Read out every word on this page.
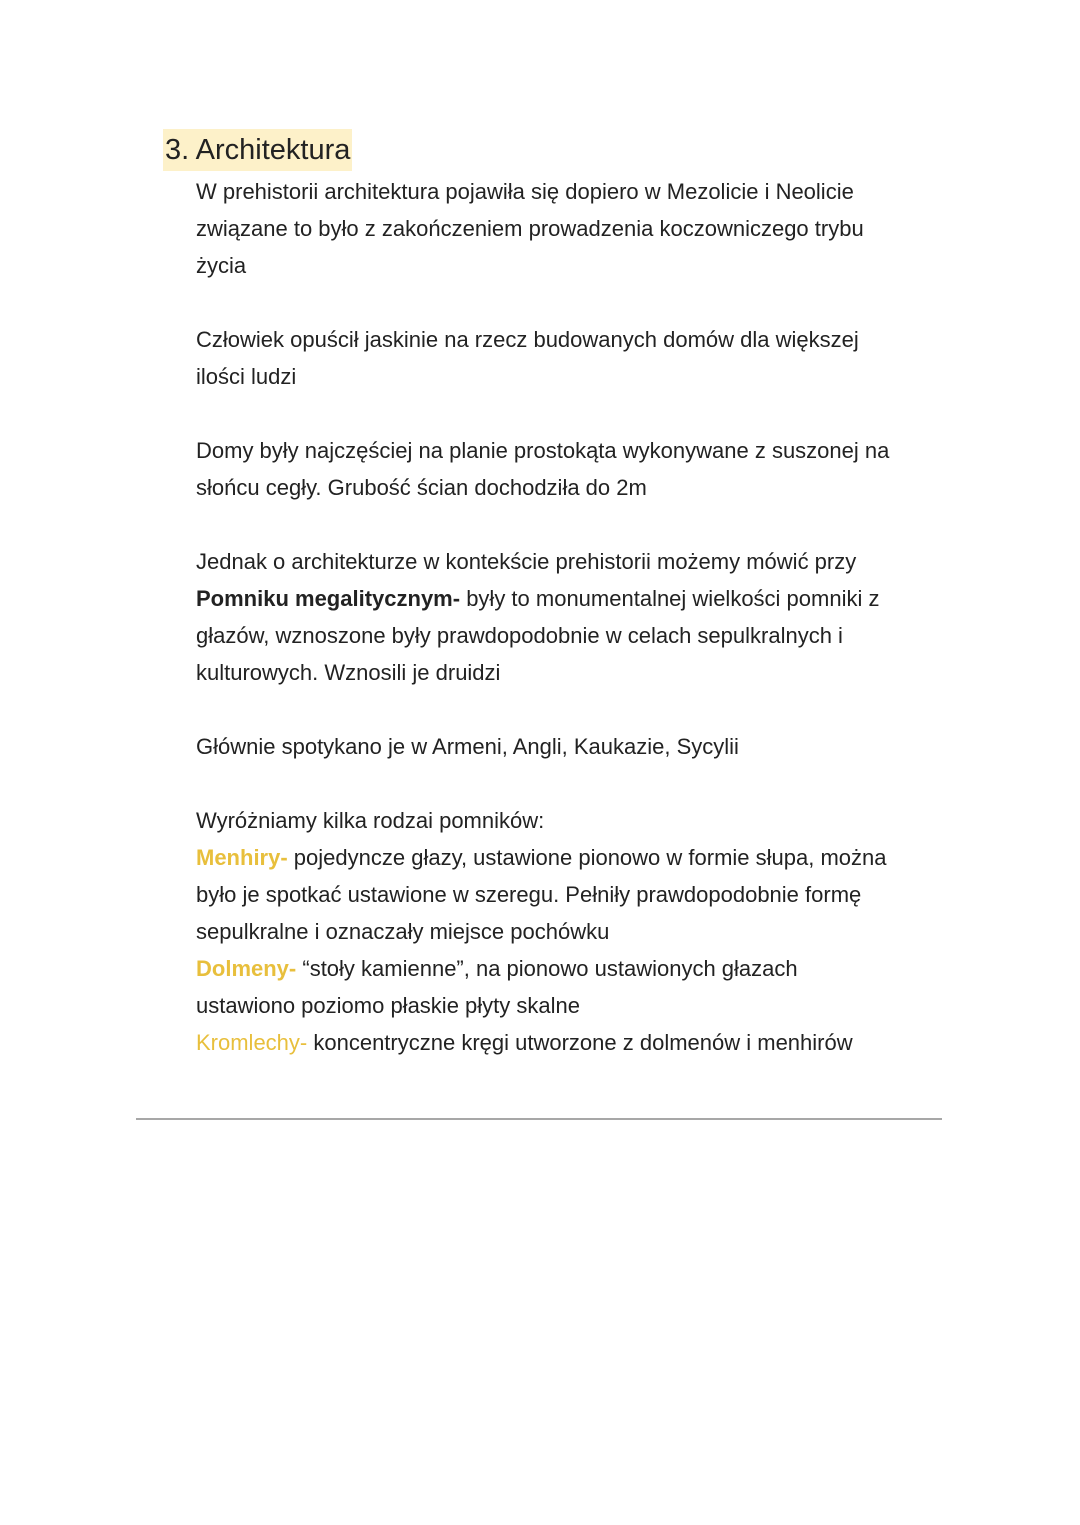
3. Architektura
W prehistorii architektura pojawiła się dopiero w Mezolicie i Neolicie
związane to było z zakończeniem prowadzenia koczowniczego trybu
życia
Człowiek opuścił jaskinie na rzecz budowanych domów dla większej
ilości ludzi
Domy były najczęściej na planie prostokąta wykonywane z suszonej na
słońcu cegły. Grubość ścian dochodziła do 2m
Jednak o architekturze w kontekście prehistorii możemy mówić przy
Pomniku megalitycznym- były to monumentalnej wielkości pomniki z
głazów, wznoszone były prawdopodobnie w celach sepulkralnych i
kulturowych. Wznosili je druidzi
Głównie spotykano je w Armeni, Angli, Kaukazie, Sycylii
Wyróżniamy kilka rodzai pomników:
Menhiry- pojedyncze głazy, ustawione pionowo w formie słupa, można
było je spotkać ustawione w szeregu. Pełniły prawdopodobnie formę
sepulkralne i oznaczały miejsce pochówku
Dolmeny- “stoły kamienne”, na pionowo ustawionych głazach
ustawiono poziomo płaskie płyty skalne
Kromlechy- koncentryczne kręgi utworzone z dolmenów i menhirów
